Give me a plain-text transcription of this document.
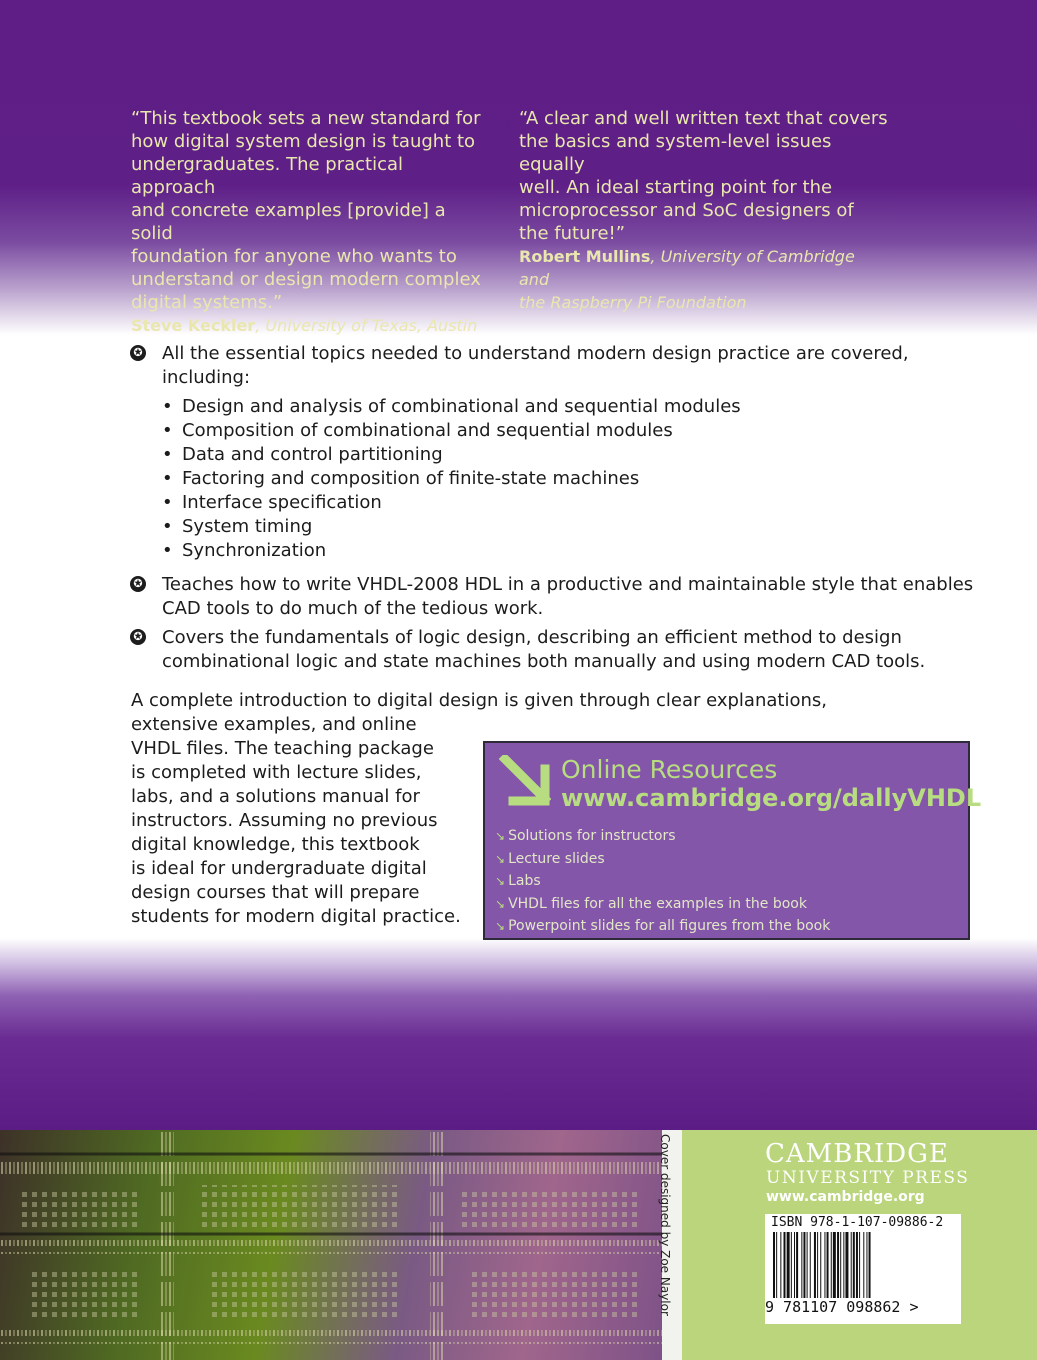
“This textbook sets a new standard for
how digital system design is taught to
undergraduates. The practical approach
and concrete examples [provide] a solid
foundation for anyone who wants to
understand or design modern complex
digital systems.”
Steve Keckler, University of Texas, Austin
“A clear and well written text that covers
the basics and system-level issues equally
well. An ideal starting point for the
microprocessor and SoC designers of
the future!”
Robert Mullins, University of Cambridge and
the Raspberry Pi Foundation
✪ All the essential topics needed to understand modern design practice are covered,
including:
• Design and analysis of combinational and sequential modules
• Composition of combinational and sequential modules
• Data and control partitioning
• Factoring and composition of finite-state machines
• Interface specification
• System timing
• Synchronization
✪ Teaches how to write VHDL-2008 HDL in a productive and maintainable style that enables
CAD tools to do much of the tedious work.
✪ Covers the fundamentals of logic design, describing an efficient method to design
combinational logic and state machines both manually and using modern CAD tools.
A complete introduction to digital design is given through clear explanations,
extensive examples, and online
VHDL files. The teaching package
is completed with lecture slides,
labs, and a solutions manual for
instructors. Assuming no previous
digital knowledge, this textbook
is ideal for undergraduate digital
design courses that will prepare
students for modern digital practice.
Online Resources
www.cambridge.org/dallyVHDL
↘ Solutions for instructors
↘ Lecture slides
↘ Labs
↘ VHDL files for all the examples in the book
↘ Powerpoint slides for all figures from the book
Cover designed by Zoe Naylor	CAMBRIDGE
UNIVERSITY PRESS
www.cambridge.org
ISBN 978-1-107-09886-2
9 781107 098862 >
